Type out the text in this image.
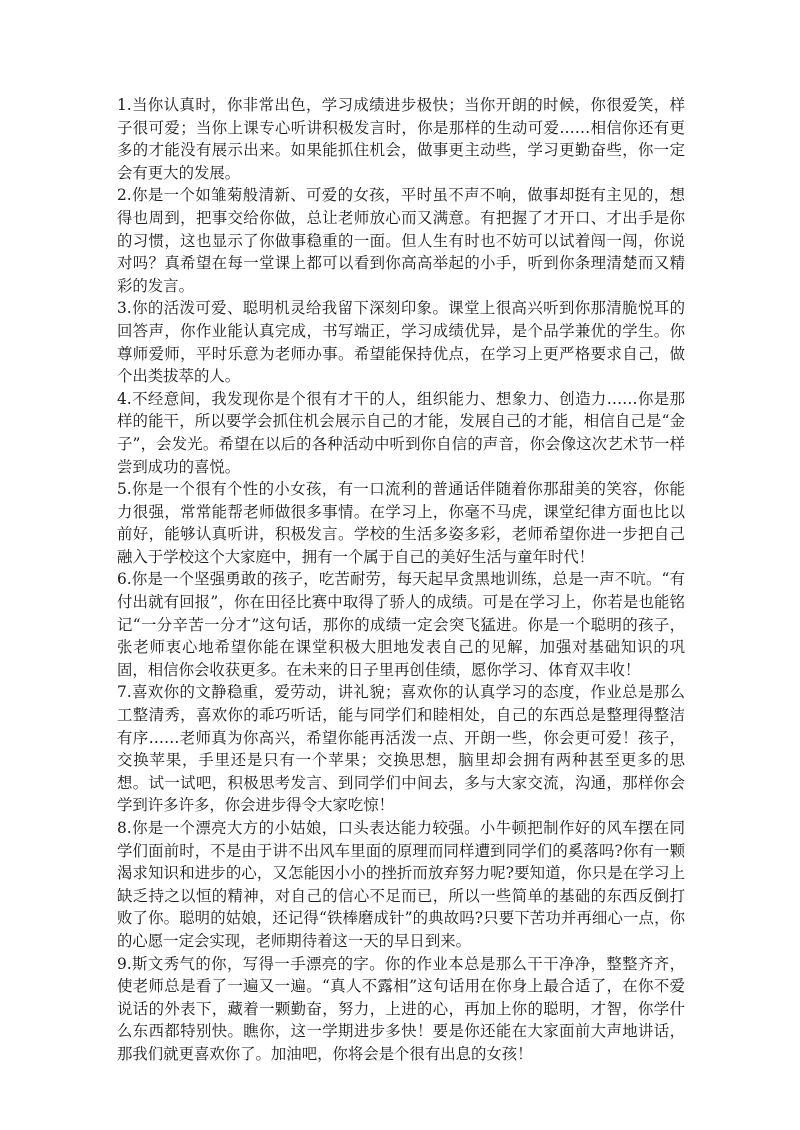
1.当你认真时，你非常出色，学习成绩进步极快；当你开朗的时候，你很爱笑，样子很可爱；当你上课专心听讲积极发言时，你是那样的生动可爱……相信你还有更多的才能没有展示出来。如果能抓住机会，做事更主动些，学习更勤奋些，你一定会有更大的发展。

2.你是一个如雏菊般清新、可爱的女孩，平时虽不声不响，做事却挺有主见的，想得也周到，把事交给你做，总让老师放心而又满意。有把握了才开口、才出手是你的习惯，这也显示了你做事稳重的一面。但人生有时也不妨可以试着闯一闯，你说对吗？真希望在每一堂课上都可以看到你高高举起的小手，听到你条理清楚而又精彩的发言。

3.你的活泼可爱、聪明机灵给我留下深刻印象。课堂上很高兴听到你那清脆悦耳的回答声，你作业能认真完成，书写端正，学习成绩优异，是个品学兼优的学生。你尊师爱师，平时乐意为老师办事。希望能保持优点，在学习上更严格要求自己，做个出类拔萃的人。

4.不经意间，我发现你是个很有才干的人，组织能力、想象力、创造力……你是那样的能干，所以要学会抓住机会展示自己的才能，发展自己的才能，相信自己是“金子”，会发光。希望在以后的各种活动中听到你自信的声音，你会像这次艺术节一样尝到成功的喜悦。

5.你是一个很有个性的小女孩，有一口流利的普通话伴随着你那甜美的笑容，你能力很强，常常能帮老师做很多事情。在学习上，你毫不马虎，课堂纪律方面也比以前好，能够认真听讲，积极发言。学校的生活多姿多彩，老师希望你进一步把自己融入于学校这个大家庭中，拥有一个属于自己的美好生活与童年时代！

6.你是一个坚强勇敢的孩子，吃苦耐劳，每天起早贪黑地训练，总是一声不吭。“有付出就有回报”，你在田径比赛中取得了骄人的成绩。可是在学习上，你若是也能铭记“一分辛苦一分才”这句话，那你的成绩一定会突飞猛进。你是一个聪明的孩子，张老师衷心地希望你能在课堂积极大胆地发表自己的见解，加强对基础知识的巩固，相信你会收获更多。在未来的日子里再创佳绩，愿你学习、体育双丰收！

7.喜欢你的文静稳重，爱劳动，讲礼貌；喜欢你的认真学习的态度，作业总是那么工整清秀，喜欢你的乖巧听话，能与同学们和睦相处，自己的东西总是整理得整洁有序……老师真为你高兴，希望你能再活泼一点、开朗一些，你会更可爱！孩子，交换苹果，手里还是只有一个苹果；交换思想，脑里却会拥有两种甚至更多的思想。试一试吧，积极思考发言、到同学们中间去，多与大家交流，沟通，那样你会学到许多许多，你会进步得令大家吃惊！

8.你是一个漂亮大方的小姑娘，口头表达能力较强。小牛顿把制作好的风车摆在同学们面前时，不是由于讲不出风车里面的原理而同样遭到同学们的奚落吗?你有一颗渴求知识和进步的心，又怎能因小小的挫折而放弃努力呢?要知道，你只是在学习上缺乏持之以恒的精神，对自己的信心不足而已，所以一些简单的基础的东西反倒打败了你。聪明的姑娘，还记得“铁棒磨成针”的典故吗?只要下苦功并再细心一点，你的心愿一定会实现，老师期待着这一天的早日到来。

9.斯文秀气的你，写得一手漂亮的字。你的作业本总是那么干干净净，整整齐齐，使老师总是看了一遍又一遍。“真人不露相”这句话用在你身上最合适了，在你不爱说话的外表下，藏着一颗勤奋，努力，上进的心，再加上你的聪明，才智，你学什么东西都特别快。瞧你，这一学期进步多快！要是你还能在大家面前大声地讲话，那我们就更喜欢你了。加油吧，你将会是个很有出息的女孩！
